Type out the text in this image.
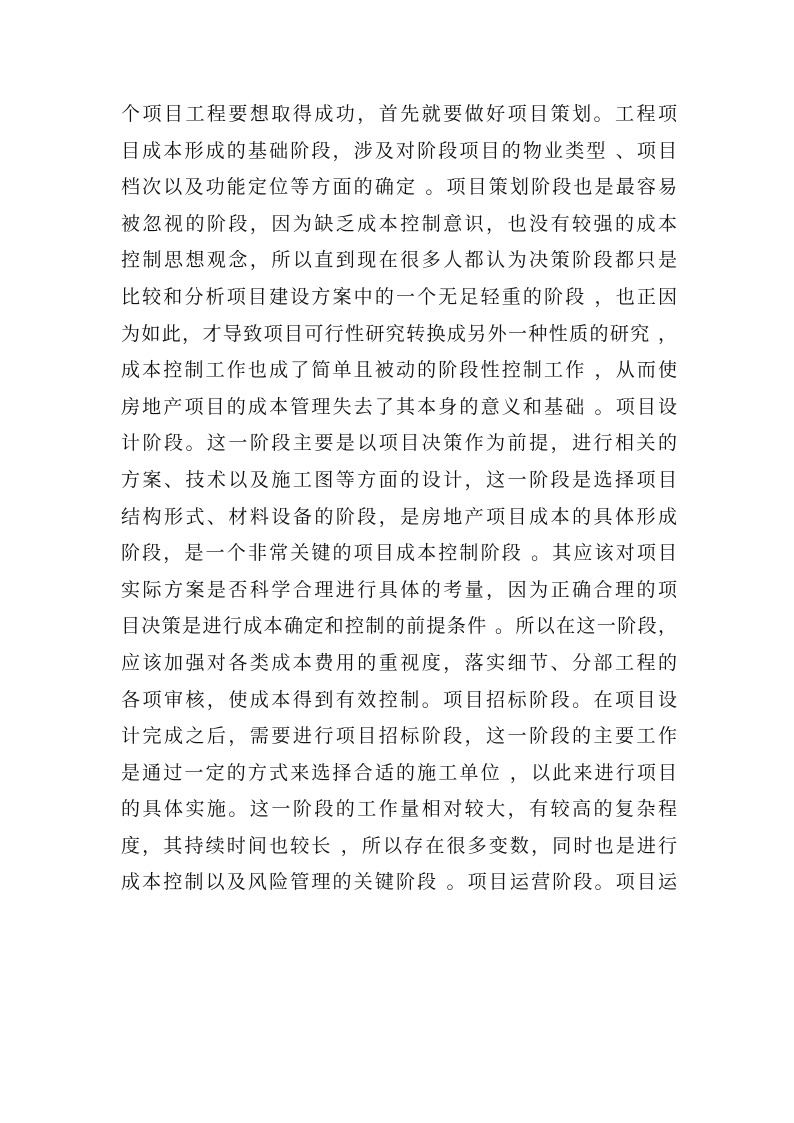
个项目工程要想取得成功，首先就要做好项目策划。工程项
目成本形成的基础阶段，涉及对阶段项目的物业类型 、项目
档次以及功能定位等方面的确定 。项目策划阶段也是最容易
被忽视的阶段，因为缺乏成本控制意识，也没有较强的成本
控制思想观念，所以直到现在很多人都认为决策阶段都只是
比较和分析项目建设方案中的一个无足轻重的阶段 ，也正因
为如此，才导致项目可行性研究转换成另外一种性质的研究 ，
成本控制工作也成了简单且被动的阶段性控制工作 ，从而使
房地产项目的成本管理失去了其本身的意义和基础 。项目设
计阶段。这一阶段主要是以项目决策作为前提，进行相关的
方案、技术以及施工图等方面的设计，这一阶段是选择项目
结构形式、材料设备的阶段，是房地产项目成本的具体形成
阶段，是一个非常关键的项目成本控制阶段 。其应该对项目
实际方案是否科学合理进行具体的考量，因为正确合理的项
目决策是进行成本确定和控制的前提条件 。所以在这一阶段，
应该加强对各类成本费用的重视度，落实细节、分部工程的
各项审核，使成本得到有效控制。项目招标阶段。在项目设
计完成之后，需要进行项目招标阶段，这一阶段的主要工作
是通过一定的方式来选择合适的施工单位 ，以此来进行项目
的具体实施。这一阶段的工作量相对较大，有较高的复杂程
度，其持续时间也较长 ，所以存在很多变数，同时也是进行
成本控制以及风险管理的关键阶段 。项目运营阶段。项目运
